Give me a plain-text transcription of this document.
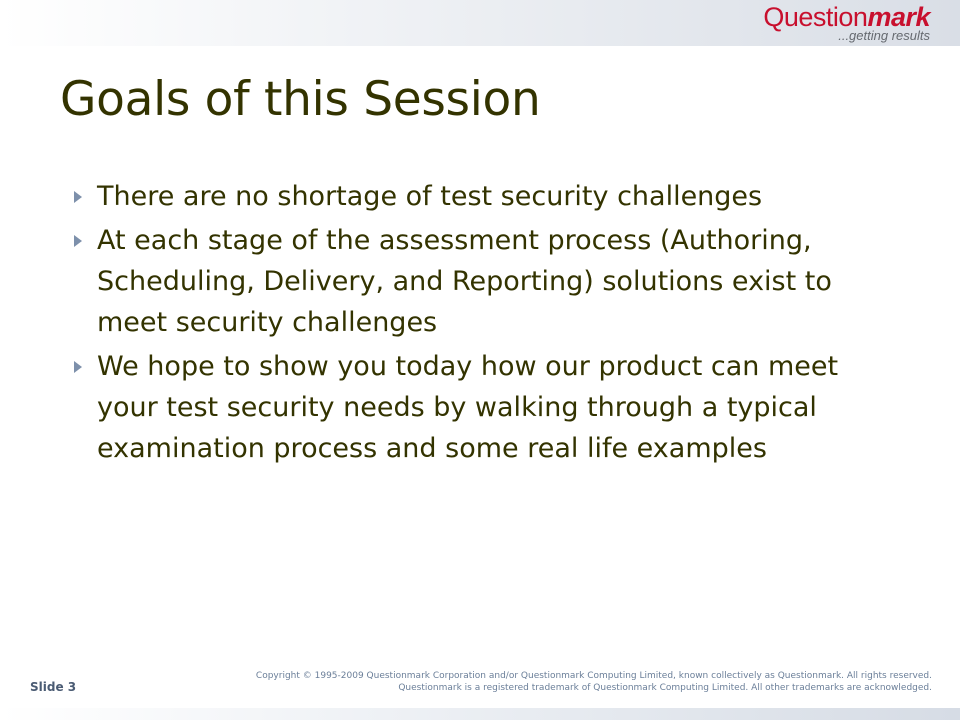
Questionmark
...getting results
Goals of this Session
There are no shortage of test security challenges
At each stage of the assessment process (Authoring, Scheduling, Delivery, and Reporting) solutions exist to meet security challenges
We hope to show you today how our product can meet your test security needs by walking through a typical examination process and some real life examples
Slide 3
Copyright © 1995-2009 Questionmark Corporation and/or Questionmark Computing Limited, known collectively as Questionmark. All rights reserved.
Questionmark is a registered trademark of Questionmark Computing Limited. All other trademarks are acknowledged.
